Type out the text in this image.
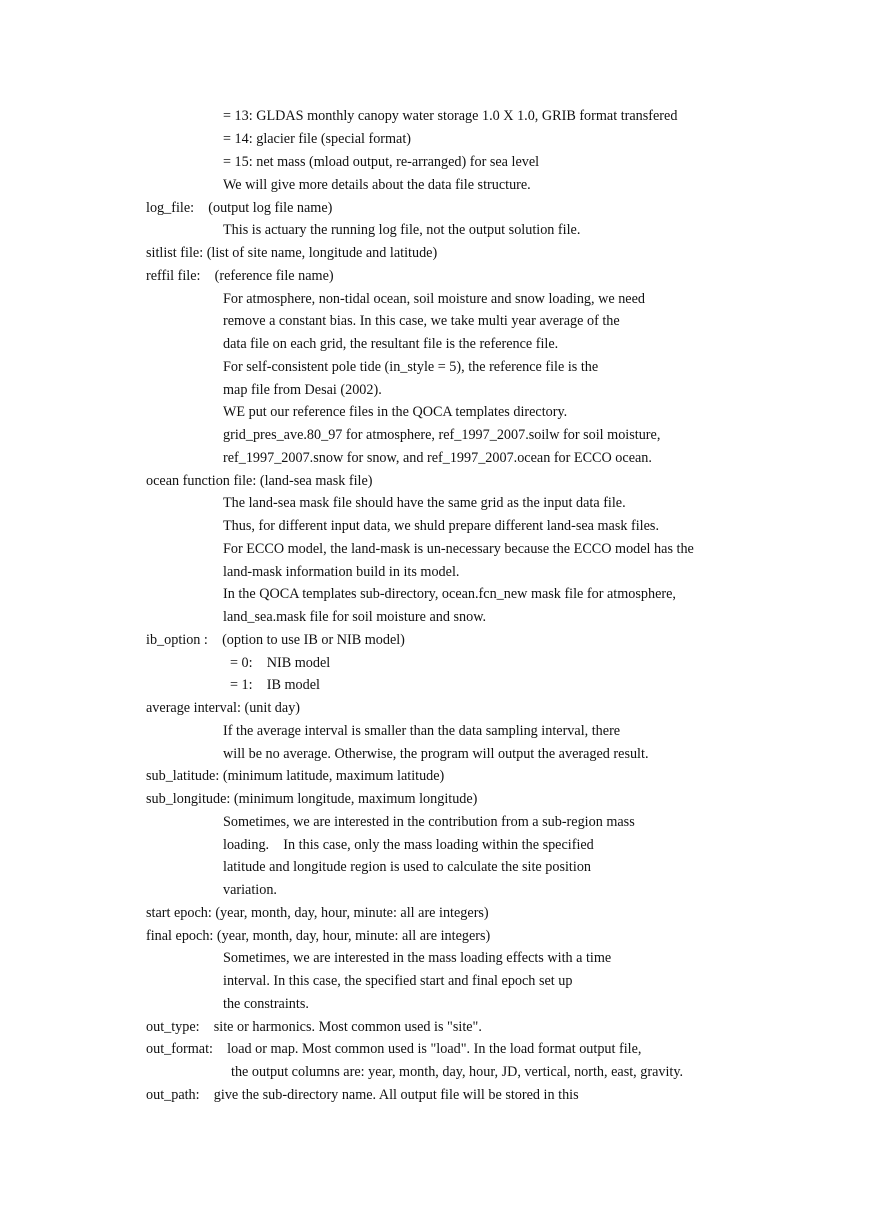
= 13: GLDAS monthly canopy water storage 1.0 X 1.0, GRIB format transfered
= 14: glacier file (special format)
= 15: net mass (mload output, re-arranged) for sea level
We will give more details about the data file structure.
log_file:    (output log file name)
This is actuary the running log file, not the output solution file.
sitlist file: (list of site name, longitude and latitude)
reffil file:    (reference file name)
For atmosphere, non-tidal ocean, soil moisture and snow loading, we need
remove a constant bias. In this case, we take multi year average of the
data file on each grid, the resultant file is the reference file.
For self-consistent pole tide (in_style = 5), the reference file is the
map file from Desai (2002).
WE put our reference files in the QOCA templates directory.
grid_pres_ave.80_97 for atmosphere, ref_1997_2007.soilw for soil moisture,
ref_1997_2007.snow for snow, and ref_1997_2007.ocean for ECCO ocean.
ocean function file: (land-sea mask file)
The land-sea mask file should have the same grid as the input data file.
Thus, for different input data, we shuld prepare different land-sea mask files.
For ECCO model, the land-mask is un-necessary because the ECCO model has the
land-mask information build in its model.
In the QOCA templates sub-directory, ocean.fcn_new mask file for atmosphere,
land_sea.mask file for soil moisture and snow.
ib_option :    (option to use IB or NIB model)
= 0:    NIB model
= 1:    IB model
average interval: (unit day)
If the average interval is smaller than the data sampling interval, there
will be no average. Otherwise, the program will output the averaged result.
sub_latitude: (minimum latitude, maximum latitude)
sub_longitude: (minimum longitude, maximum longitude)
Sometimes, we are interested in the contribution from a sub-region mass
loading.    In this case, only the mass loading within the specified
latitude and longitude region is used to calculate the site position
variation.
start epoch: (year, month, day, hour, minute: all are integers)
final epoch: (year, month, day, hour, minute: all are integers)
Sometimes, we are interested in the mass loading effects with a time
interval. In this case, the specified start and final epoch set up
the constraints.
out_type:    site or harmonics. Most common used is "site".
out_format:    load or map. Most common used is "load". In the load format output file,
the output columns are: year, month, day, hour, JD, vertical, north, east, gravity.
out_path:    give the sub-directory name. All output file will be stored in this
